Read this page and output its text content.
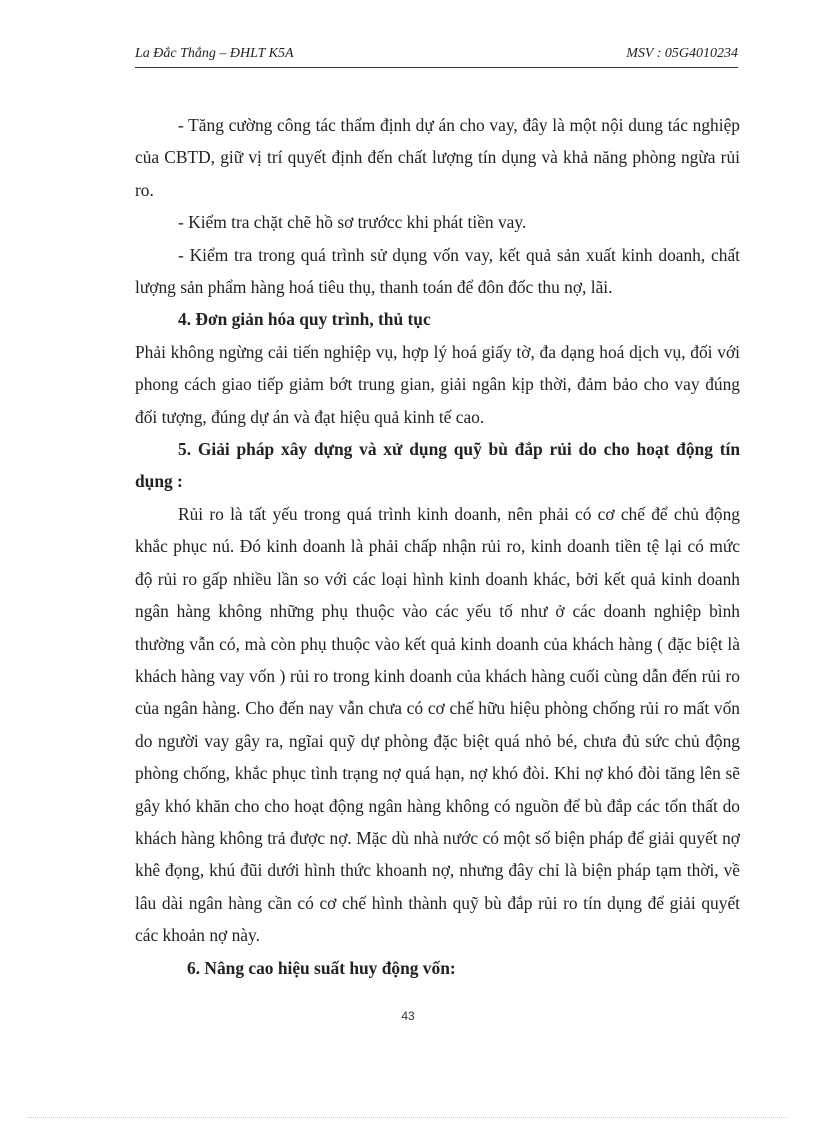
La Đắc Thắng – ĐHLT K5A	MSV : 05G4010234

- Tăng cường công tác thẩm định dự án cho vay, đây là một nội dung tác nghiệp của CBTD, giữ vị trí quyết định đến chất lượng tín dụng và khả năng phòng ngừa rủi ro.

- Kiểm tra chặt chẽ hồ sơ trướcc khi phát tiền vay.

- Kiểm tra trong quá trình sử dụng vốn vay, kết quả sản xuất kinh doanh, chất lượng sản phẩm hàng hoá tiêu thụ, thanh toán để đôn đốc thu nợ, lãi.

4. Đơn giản hóa quy trình, thủ tục

Phải không ngừng cải tiến nghiệp vụ, hợp lý hoá giấy tờ, đa dạng hoá dịch vụ, đối với phong cách giao tiếp giảm bớt trung gian, giải ngân kịp thời, đảm bảo cho vay đúng đối tượng, đúng dự án và đạt hiệu quả kinh tế cao.

5. Giải pháp xây dựng và xử dụng quỹ bù đắp rủi do cho hoạt động tín dụng :

Rủi ro là tất yếu trong quá trình kinh doanh, nên phải có cơ chế để chủ động khắc phục nú. Đó kinh doanh là phải chấp nhận rủi ro, kinh doanh tiền tệ lại có mức độ rủi ro gấp nhiều lần so với các loại hình kinh doanh khác, bởi kết quả kinh doanh ngân hàng không những phụ thuộc vào các yếu tố như ở các doanh nghiệp bình thường vẫn có, mà còn phụ thuộc vào kết quả kinh doanh của khách hàng ( đặc biệt là khách hàng vay vốn ) rủi ro trong kinh doanh của khách hàng cuối cùng dẫn đến rủi ro của ngân hàng. Cho đến nay vẫn chưa có cơ chế hữu hiệu phòng chống rủi ro mất vốn do người vay gây ra, ngĩai quỹ dự phòng đặc biệt quá nhỏ bé, chưa đủ sức chủ động phòng chống, khắc phục tình trạng nợ quá hạn, nợ khó đòi. Khi nợ khó đòi tăng lên sẽ gây khó khăn cho cho hoạt động ngân hàng không có nguồn để bù đắp các tổn thất do khách hàng không trả được nợ. Mặc dù nhà nước có một số biện pháp để giải quyết nợ khê đọng, khú đũi dưới hình thức khoanh nợ, nhưng đây chỉ là biện pháp tạm thời, về lâu dài ngân hàng cần có cơ chế hình thành quỹ bù đắp rủi ro tín dụng để giải quyết các khoản nợ này.

6. Nâng cao hiệu suất huy động vốn:

43
